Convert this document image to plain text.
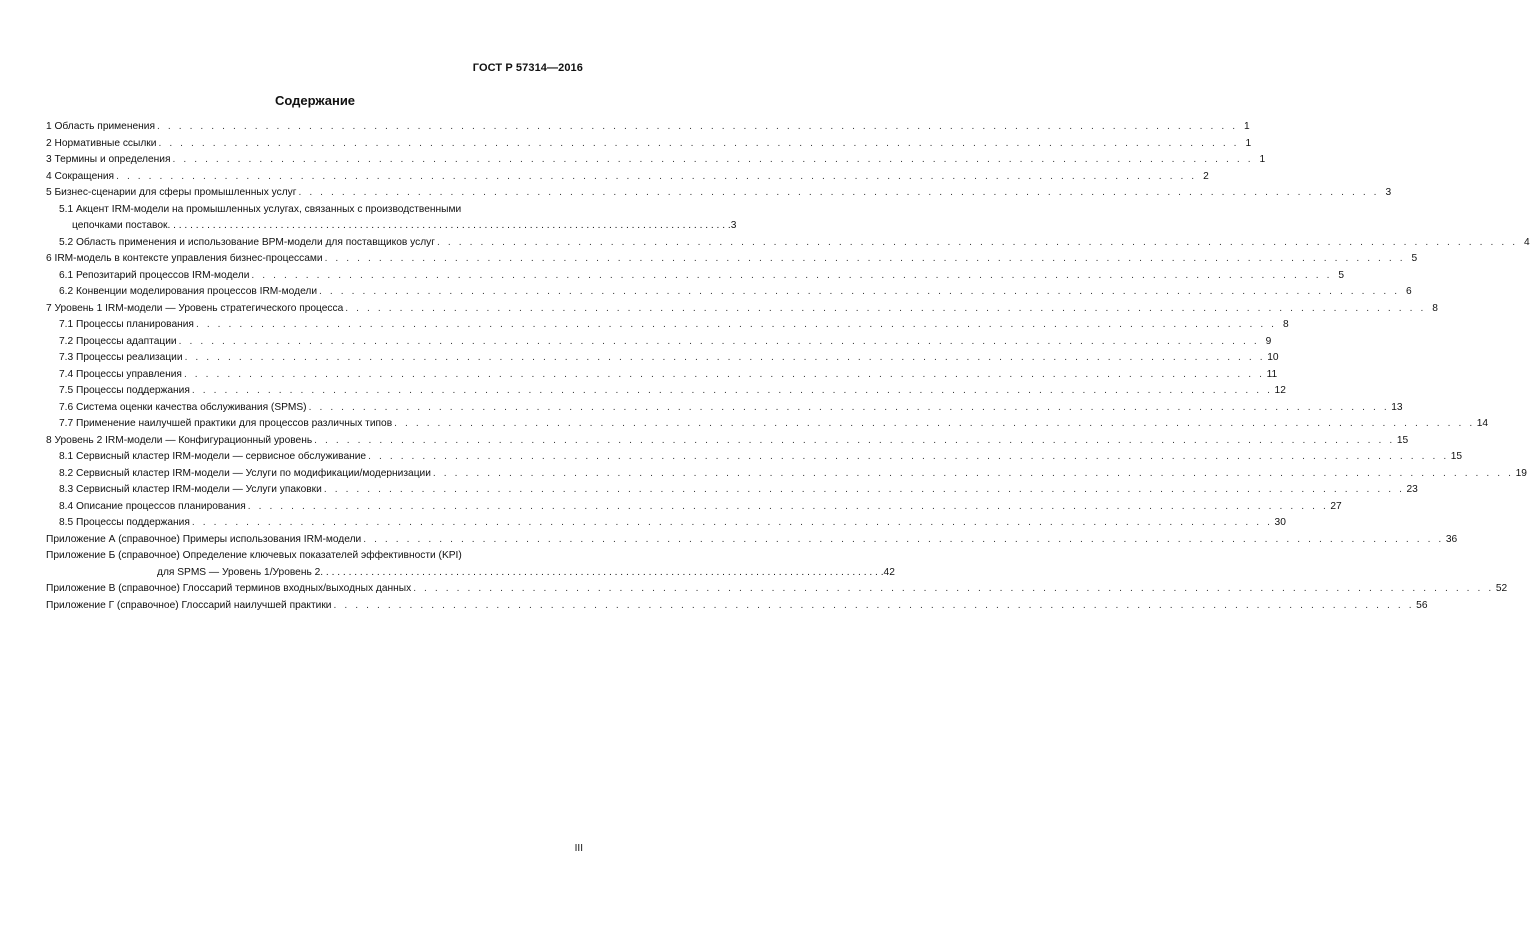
ГОСТ Р 57314—2016
Содержание
1 Область применения . . . . . . . . . . . . . . . . . . . . . . . . . . . . . . . . . . . . . . . . . . . . . . . . . . . . . . . . . . . . . . . . . . . . . . . . . . . . . . . . . . . . . . . . . . . . . . . . . . . . 1
2 Нормативные ссылки . . . . . . . . . . . . . . . . . . . . . . . . . . . . . . . . . . . . . . . . . . . . . . . . . . . . . . . . . . . . . . . . . . . . . . . . . . . . . . . . . . . . . . . . . . . . . . . . . . . . 1
3 Термины и определения . . . . . . . . . . . . . . . . . . . . . . . . . . . . . . . . . . . . . . . . . . . . . . . . . . . . . . . . . . . . . . . . . . . . . . . . . . . . . . . . . . . . . . . . . . . . . . . . . . . . 1
4 Сокращения . . . . . . . . . . . . . . . . . . . . . . . . . . . . . . . . . . . . . . . . . . . . . . . . . . . . . . . . . . . . . . . . . . . . . . . . . . . . . . . . . . . . . . . . . . . . . . . . . . . . 2
5 Бизнес-сценарии для сферы промышленных услуг . . . . . . . . . . . . . . . . . . . . . . . . . . . . . . . . . . . . . . . . . . . . . . . . . . . . . . . . . . . . . . . . . . . . . . . . . . . . . . . . . . . . . . . . . . . . . . . . . . . . 3
5.1 Акцент IRM-модели на промышленных услугах, связанных с производственными
цепочками поставок . . . . . . . . . . . . . . . . . . . . . . . . . . . . . . . . . . . . . . . . . . . . . . . . . . . . . . . . . . . . . . . . . . . . . . . . . . . . . . . . . . . . . . . . . . . . . . . . . . . . 3
5.2 Область применения и использование BPM-модели для поставщиков услуг . . . . . . . . . . . . . . . . . . . . . . . . . . . . . . . . . . . . . . . . . . . . . . . . . . . . . . . . . . . . . . . . . . . . . . . . . . . . . . . . . . . . . . . . . . . . . . . . . . . . 4
6 IRM-модель в контексте управления бизнес-процессами . . . . . . . . . . . . . . . . . . . . . . . . . . . . . . . . . . . . . . . . . . . . . . . . . . . . . . . . . . . . . . . . . . . . . . . . . . . . . . . . . . . . . . . . . . . . . . . . . . . . 5
6.1 Репозитарий процессов IRM-модели . . . . . . . . . . . . . . . . . . . . . . . . . . . . . . . . . . . . . . . . . . . . . . . . . . . . . . . . . . . . . . . . . . . . . . . . . . . . . . . . . . . . . . . . . . . . . . . . . . . . 5
6.2 Конвенции моделирования процессов IRM-модели . . . . . . . . . . . . . . . . . . . . . . . . . . . . . . . . . . . . . . . . . . . . . . . . . . . . . . . . . . . . . . . . . . . . . . . . . . . . . . . . . . . . . . . . . . . . . . . . . . . . 6
7 Уровень 1 IRM-модели — Уровень стратегического процесса . . . . . . . . . . . . . . . . . . . . . . . . . . . . . . . . . . . . . . . . . . . . . . . . . . . . . . . . . . . . . . . . . . . . . . . . . . . . . . . . . . . . . . . . . . . . . . . . . . . . 8
7.1 Процессы планирования . . . . . . . . . . . . . . . . . . . . . . . . . . . . . . . . . . . . . . . . . . . . . . . . . . . . . . . . . . . . . . . . . . . . . . . . . . . . . . . . . . . . . . . . . . . . . . . . . . . . 8
7.2 Процессы адаптации . . . . . . . . . . . . . . . . . . . . . . . . . . . . . . . . . . . . . . . . . . . . . . . . . . . . . . . . . . . . . . . . . . . . . . . . . . . . . . . . . . . . . . . . . . . . . . . . . . . . 9
7.3 Процессы реализации . . . . . . . . . . . . . . . . . . . . . . . . . . . . . . . . . . . . . . . . . . . . . . . . . . . . . . . . . . . . . . . . . . . . . . . . . . . . . . . . . . . . . . . . . . . . . . . . . . . . 10
7.4 Процессы управления . . . . . . . . . . . . . . . . . . . . . . . . . . . . . . . . . . . . . . . . . . . . . . . . . . . . . . . . . . . . . . . . . . . . . . . . . . . . . . . . . . . . . . . . . . . . . . . . . . . . 11
7.5 Процессы поддержания . . . . . . . . . . . . . . . . . . . . . . . . . . . . . . . . . . . . . . . . . . . . . . . . . . . . . . . . . . . . . . . . . . . . . . . . . . . . . . . . . . . . . . . . . . . . . . . . . . . . 12
7.6 Система оценки качества обслуживания (SPMS) . . . . . . . . . . . . . . . . . . . . . . . . . . . . . . . . . . . . . . . . . . . . . . . . . . . . . . . . . . . . . . . . . . . . . . . . . . . . . . . . . . . . . . . . . . . . . . . . . . . . 13
7.7 Применение наилучшей практики для процессов различных типов . . . . . . . . . . . . . . . . . . . . . . . . . . . . . . . . . . . . . . . . . . . . . . . . . . . . . . . . . . . . . . . . . . . . . . . . . . . . . . . . . . . . . . . . . . . . . . . . . . . . 14
8 Уровень 2 IRM-модели — Конфигурационный уровень . . . . . . . . . . . . . . . . . . . . . . . . . . . . . . . . . . . . . . . . . . . . . . . . . . . . . . . . . . . . . . . . . . . . . . . . . . . . . . . . . . . . . . . . . . . . . . . . . . . . 15
8.1 Сервисный кластер IRM-модели — сервисное обслуживание . . . . . . . . . . . . . . . . . . . . . . . . . . . . . . . . . . . . . . . . . . . . . . . . . . . . . . . . . . . . . . . . . . . . . . . . . . . . . . . . . . . . . . . . . . . . . . . . . . . . 15
8.2 Сервисный кластер IRM-модели — Услуги по модификации/модернизации . . . . . . . . . . . . . . . . . . . . . . . . . . . . . . . . . . . . . . . . . . . . . . . . . . . . . . . . . . . . . . . . . . . . . . . . . . . . . . . . . . . . . . . . . . . . . . . . . . . . 19
8.3 Сервисный кластер IRM-модели — Услуги упаковки . . . . . . . . . . . . . . . . . . . . . . . . . . . . . . . . . . . . . . . . . . . . . . . . . . . . . . . . . . . . . . . . . . . . . . . . . . . . . . . . . . . . . . . . . . . . . . . . . . . . 23
8.4 Описание процессов планирования . . . . . . . . . . . . . . . . . . . . . . . . . . . . . . . . . . . . . . . . . . . . . . . . . . . . . . . . . . . . . . . . . . . . . . . . . . . . . . . . . . . . . . . . . . . . . . . . . . . . 27
8.5 Процессы поддержания . . . . . . . . . . . . . . . . . . . . . . . . . . . . . . . . . . . . . . . . . . . . . . . . . . . . . . . . . . . . . . . . . . . . . . . . . . . . . . . . . . . . . . . . . . . . . . . . . . . . 30
Приложение А (справочное) Примеры использования IRM-модели . . . . . . . . . . . . . . . . . . . . . . . . . . . . . . . . . . . . . . . . . . . . . . . . . . . . . . . . . . . . . . . . . . . . . . . . . . . . . . . . . . . . . . . . . . . . . . . . . . . . 36
Приложение Б (справочное) Определение ключевых показателей эффективности (KPI)
для SPMS — Уровень 1/Уровень 2 . . . . . . . . . . . . . . . . . . . . . . . . . . . . . . . . . . . . . . . . . . . . . . . . . . . . . . . . . . . . . . . . . . . . . . . . . . . . . . . . . . . . . . . . . . . . . . . . . . . . 42
Приложение В (справочное) Глоссарий терминов входных/выходных данных . . . . . . . . . . . . . . . . . . . . . . . . . . . . . . . . . . . . . . . . . . . . . . . . . . . . . . . . . . . . . . . . . . . . . . . . . . . . . . . . . . . . . . . . . . . . . . . . . . . . 52
Приложение Г (справочное) Глоссарий наилучшей практики . . . . . . . . . . . . . . . . . . . . . . . . . . . . . . . . . . . . . . . . . . . . . . . . . . . . . . . . . . . . . . . . . . . . . . . . . . . . . . . . . . . . . . . . . . . . . . . . . . . . 56
III
